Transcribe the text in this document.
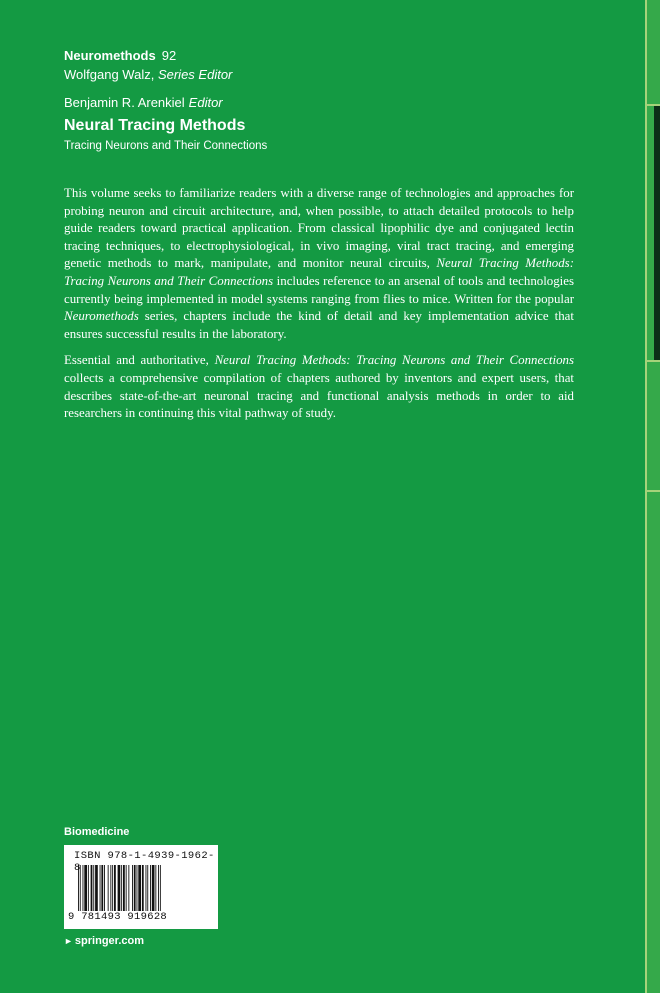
Neuromethods 92
Wolfgang Walz, Series Editor
Benjamin R. Arenkiel Editor
Neural Tracing Methods
Tracing Neurons and Their Connections

This volume seeks to familiarize readers with a diverse range of technologies and approaches for probing neuron and circuit architecture, and, when possible, to attach detailed protocols to help guide readers toward practical application. From classical lipophilic dye and conjugated lectin tracing techniques, to electrophysiological, in vivo imaging, viral tract tracing, and emerging genetic methods to mark, manipulate, and monitor neural circuits, Neural Tracing Methods: Tracing Neurons and Their Connections includes reference to an arsenal of tools and technologies currently being implemented in model systems ranging from flies to mice. Written for the popular Neuromethods series, chapters include the kind of detail and key implementation advice that ensures successful results in the laboratory.

Essential and authoritative, Neural Tracing Methods: Tracing Neurons and Their Connections collects a comprehensive compilation of chapters authored by inventors and expert users, that describes state-of-the-art neuronal tracing and functional analysis methods in order to aid researchers in continuing this vital pathway of study.

Biomedicine
ISBN 978-1-4939-1962-8
9 781493 919628
► springer.com
